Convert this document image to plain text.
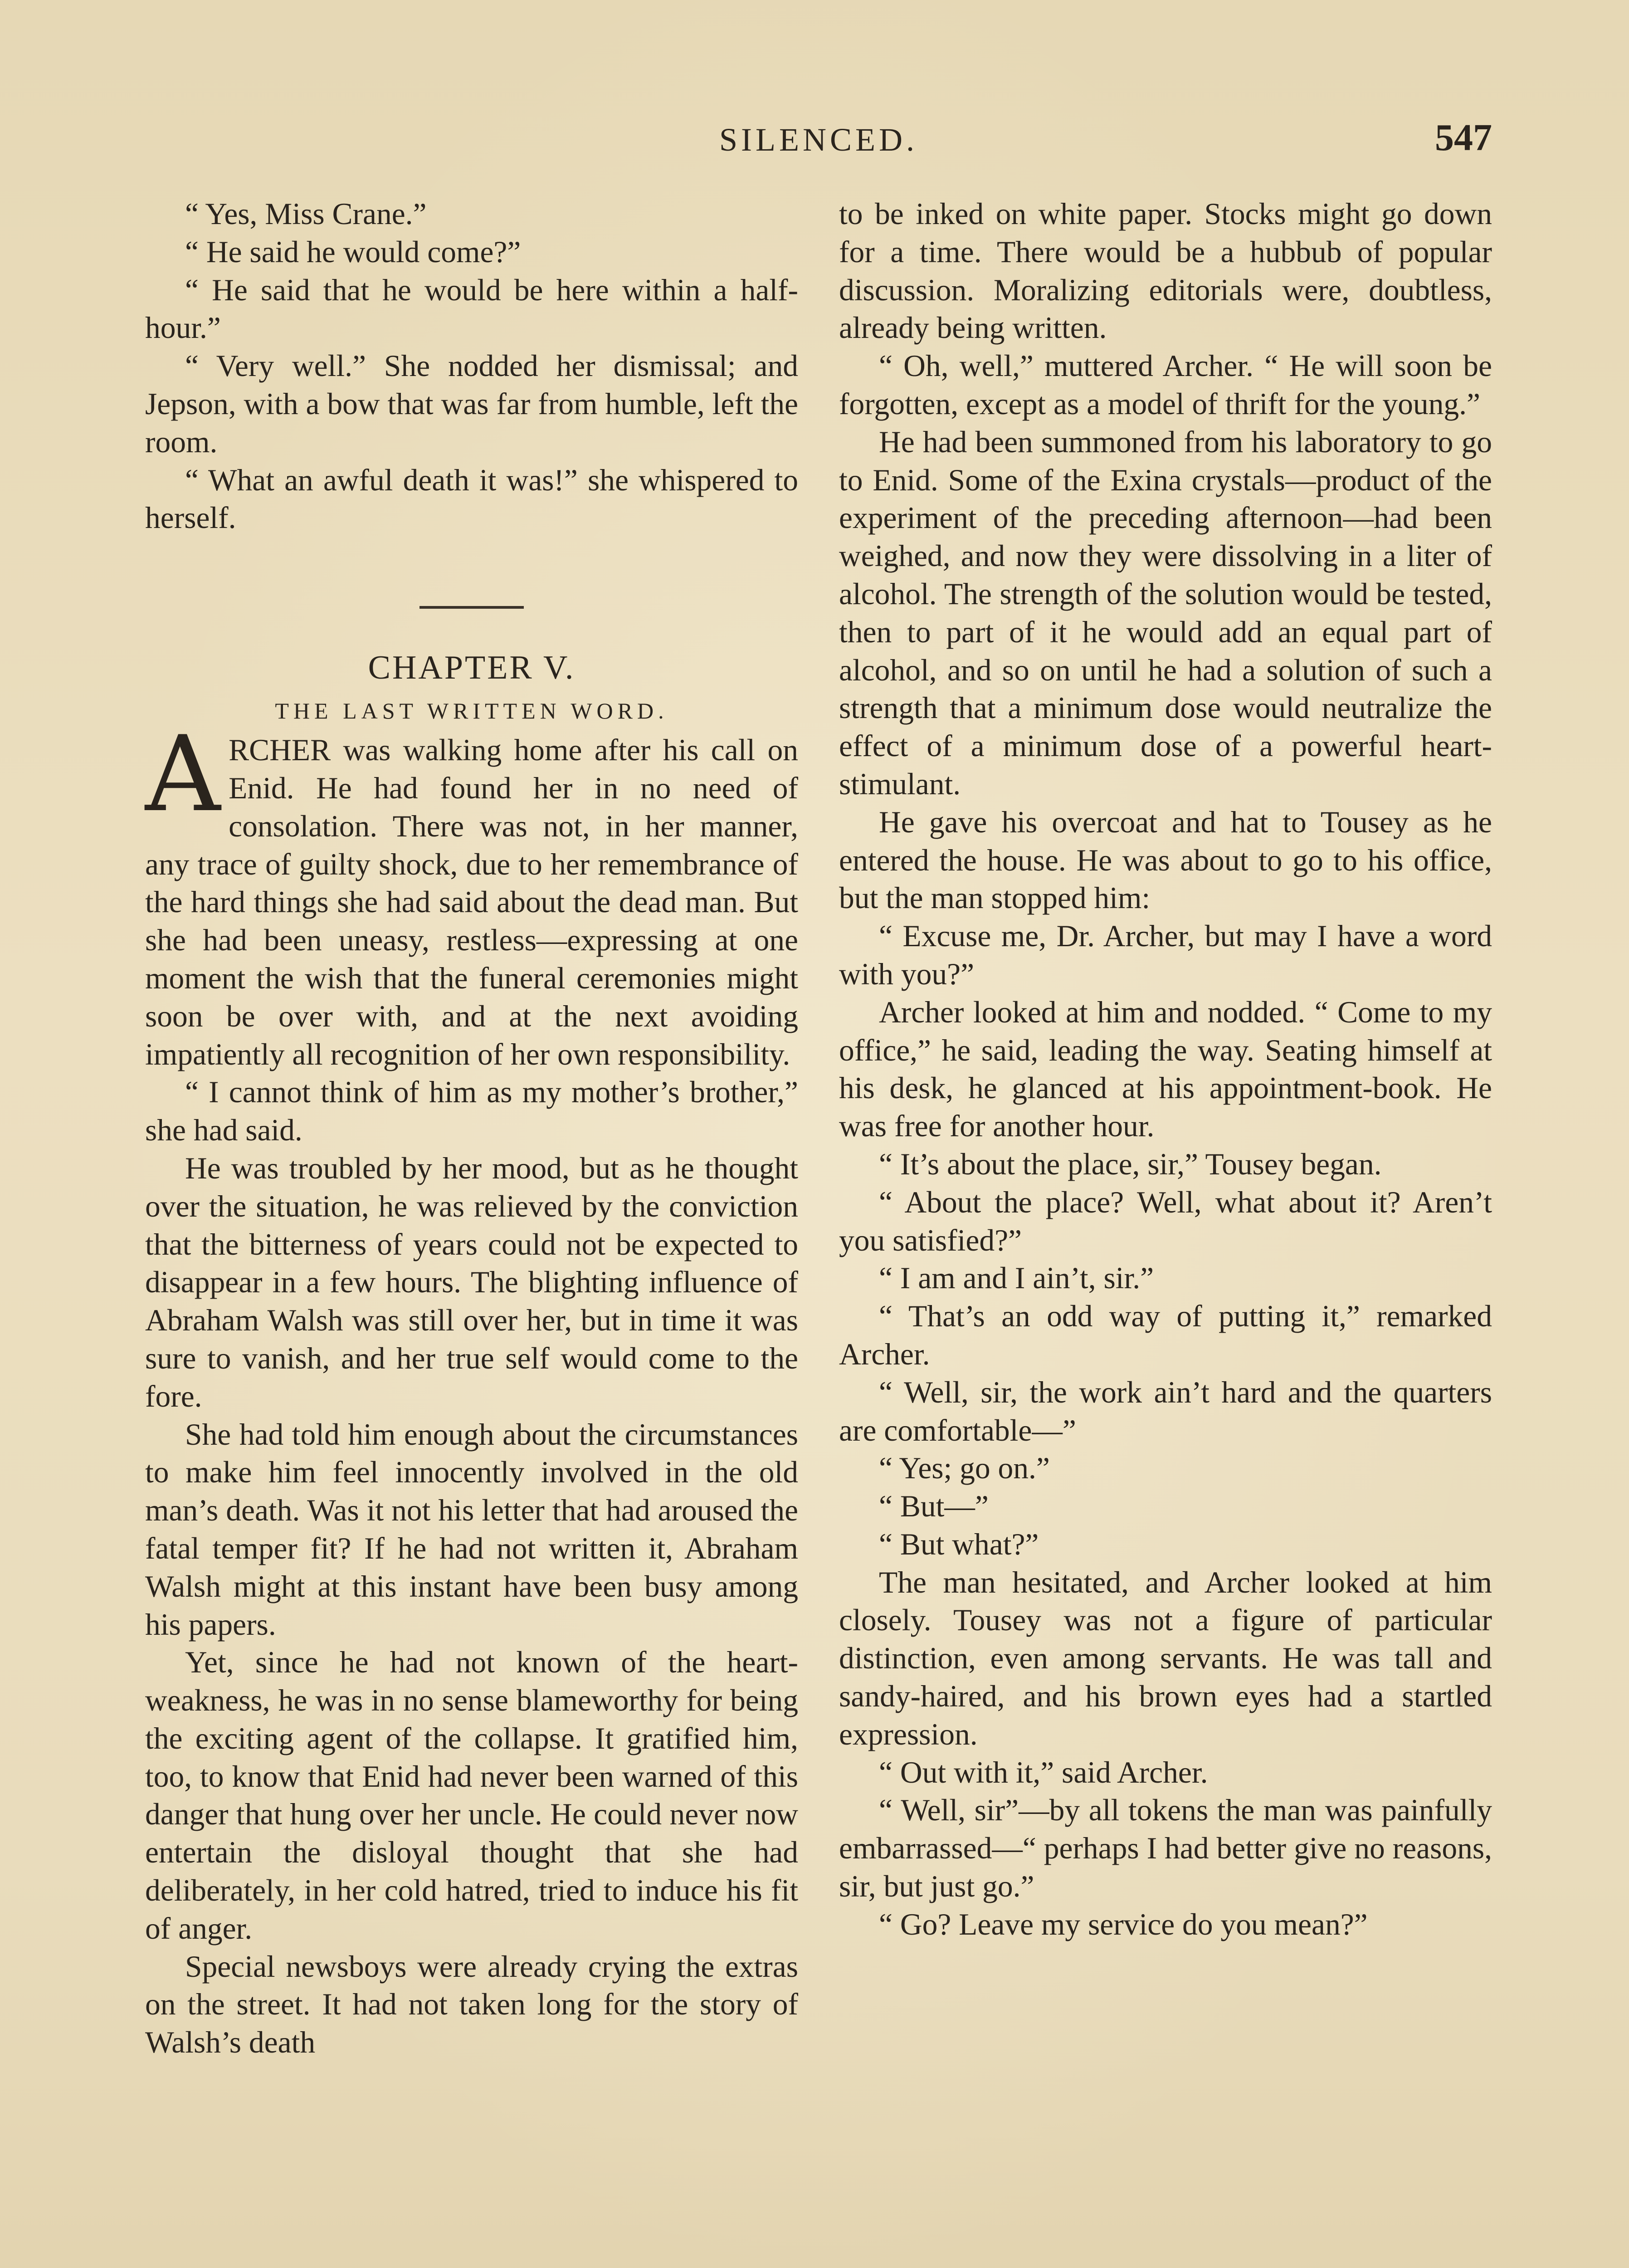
SILENCED.	547

“ Yes, Miss Crane.”

“ He said he would come?”

“ He said that he would be here within a half-hour.”

“ Very well.” She nodded her dismissal; and Jepson, with a bow that was far from humble, left the room.

“ What an awful death it was!” she whispered to herself.

CHAPTER V.

THE LAST WRITTEN WORD.

ARCHER was walking home after his call on Enid. He had found her in no need of consolation. There was not, in her manner, any trace of guilty shock, due to her remembrance of the hard things she had said about the dead man. But she had been uneasy, restless—expressing at one moment the wish that the funeral ceremonies might soon be over with, and at the next avoiding impatiently all recognition of her own responsibility.

“ I cannot think of him as my mother’s brother,” she had said.

He was troubled by her mood, but as he thought over the situation, he was relieved by the conviction that the bitterness of years could not be expected to disappear in a few hours. The blighting influence of Abraham Walsh was still over her, but in time it was sure to vanish, and her true self would come to the fore.

She had told him enough about the circumstances to make him feel innocently involved in the old man’s death. Was it not his letter that had aroused the fatal temper fit? If he had not written it, Abraham Walsh might at this instant have been busy among his papers.

Yet, since he had not known of the heart-weakness, he was in no sense blameworthy for being the exciting agent of the collapse. It gratified him, too, to know that Enid had never been warned of this danger that hung over her uncle. He could never now entertain the disloyal thought that she had deliberately, in her cold hatred, tried to induce his fit of anger.

Special newsboys were already crying the extras on the street. It had not taken long for the story of Walsh’s death

to be inked on white paper. Stocks might go down for a time. There would be a hubbub of popular discussion. Moralizing editorials were, doubtless, already being written.

“ Oh, well,” muttered Archer. “ He will soon be forgotten, except as a model of thrift for the young.”

He had been summoned from his laboratory to go to Enid. Some of the Exina crystals—product of the experiment of the preceding afternoon—had been weighed, and now they were dissolving in a liter of alcohol. The strength of the solution would be tested, then to part of it he would add an equal part of alcohol, and so on until he had a solution of such a strength that a minimum dose would neutralize the effect of a minimum dose of a powerful heart-stimulant.

He gave his overcoat and hat to Tousey as he entered the house. He was about to go to his office, but the man stopped him:

“ Excuse me, Dr. Archer, but may I have a word with you?”

Archer looked at him and nodded. “ Come to my office,” he said, leading the way. Seating himself at his desk, he glanced at his appointment-book. He was free for another hour.

“ It’s about the place, sir,” Tousey began.

“ About the place? Well, what about it? Aren’t you satisfied?”

“ I am and I ain’t, sir.”

“ That’s an odd way of putting it,” remarked Archer.

“ Well, sir, the work ain’t hard and the quarters are comfortable—”

“ Yes; go on.”

“ But—”

“ But what?”

The man hesitated, and Archer looked at him closely. Tousey was not a figure of particular distinction, even among servants. He was tall and sandy-haired, and his brown eyes had a startled expression.

“ Out with it,” said Archer.

“ Well, sir”—by all tokens the man was painfully embarrassed—“ perhaps I had better give no reasons, sir, but just go.”

“ Go? Leave my service do you mean?”
